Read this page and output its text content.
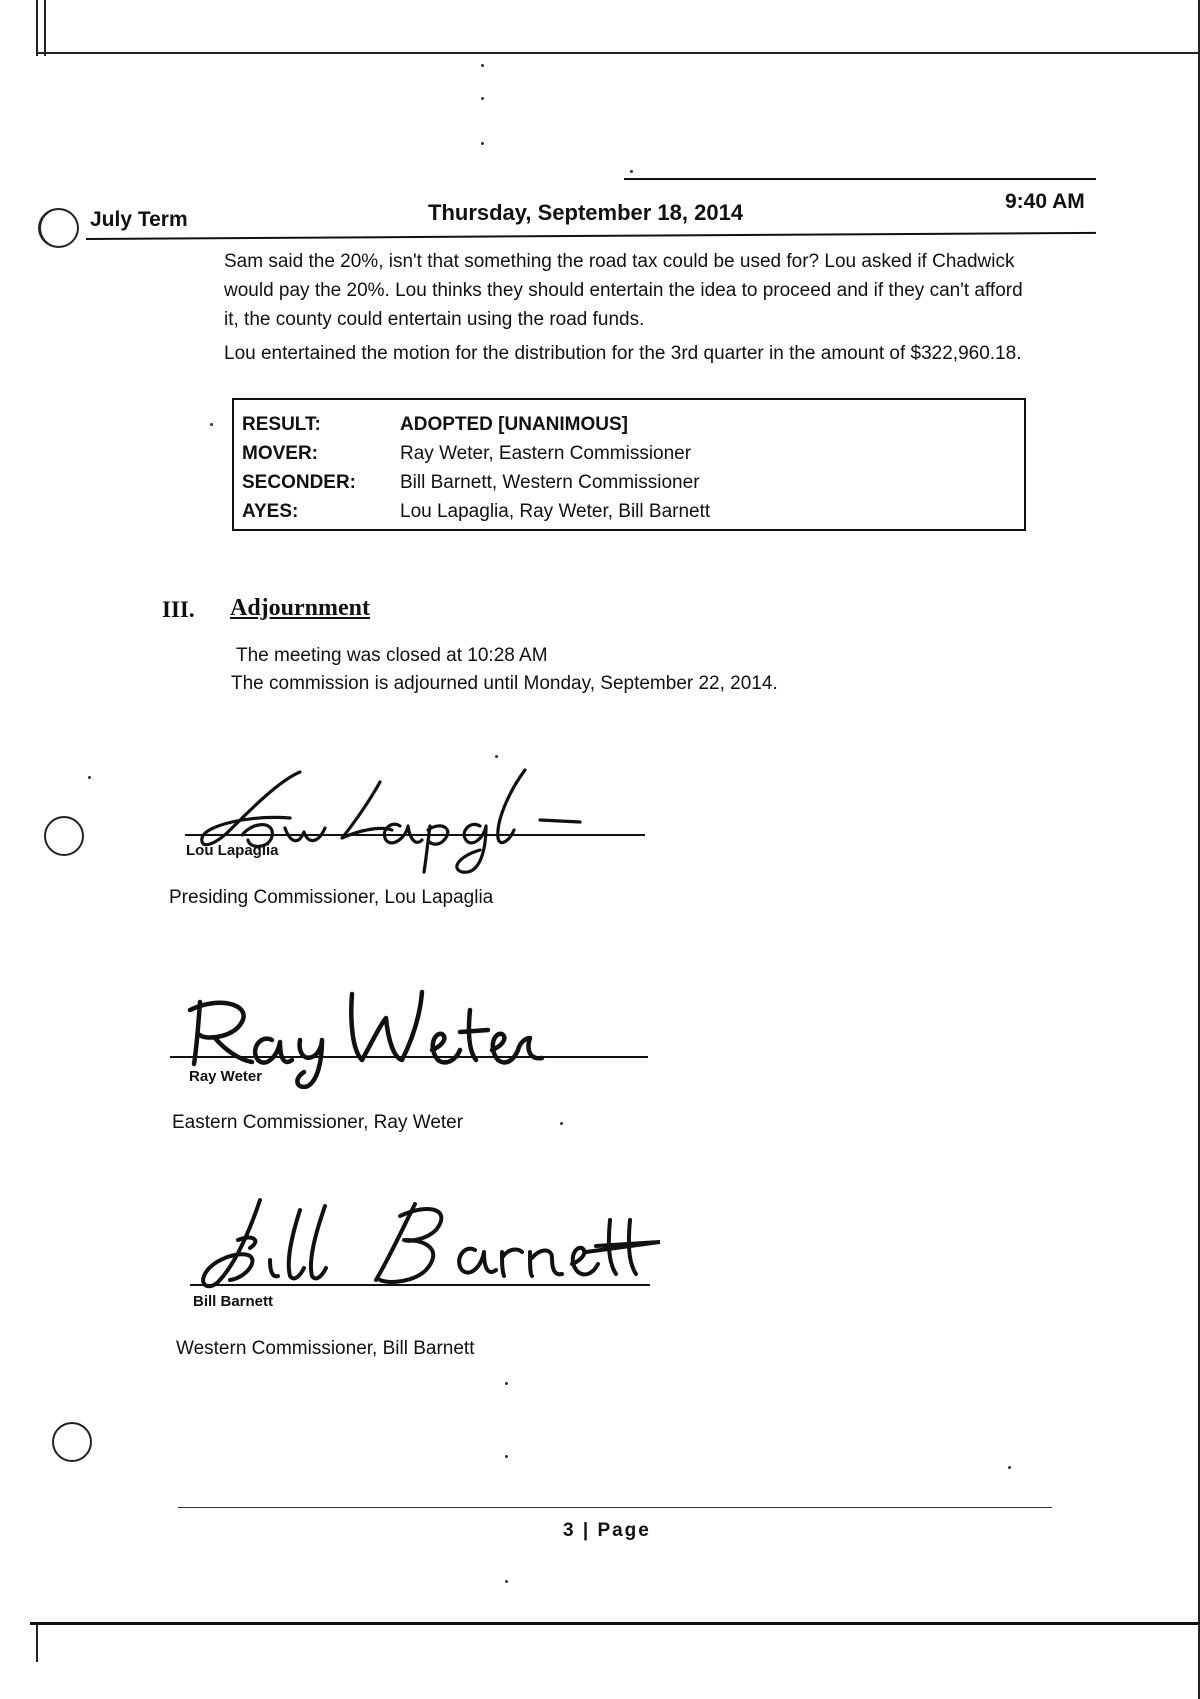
July Term	Thursday, September 18, 2014	9:40 AM

Sam said the 20%, isn't that something the road tax could be used for? Lou asked if Chadwick would pay the 20%. Lou thinks they should entertain the idea to proceed and if they can't afford it, the county could entertain using the road funds.

Lou entertained the motion for the distribution for the 3rd quarter in the amount of $322,960.18.

RESULT:	ADOPTED [UNANIMOUS]
MOVER:	Ray Weter, Eastern Commissioner
SECONDER:	Bill Barnett, Western Commissioner
AYES:	Lou Lapaglia, Ray Weter, Bill Barnett
III. Adjournment
The meeting was closed at 10:28 AM
The commission is adjourned until Monday, September 22, 2014.
Lou Lapaglia
Presiding Commissioner, Lou Lapaglia
Ray Weter
Eastern Commissioner, Ray Weter
Bill Barnett
Western Commissioner, Bill Barnett
3 | Page
